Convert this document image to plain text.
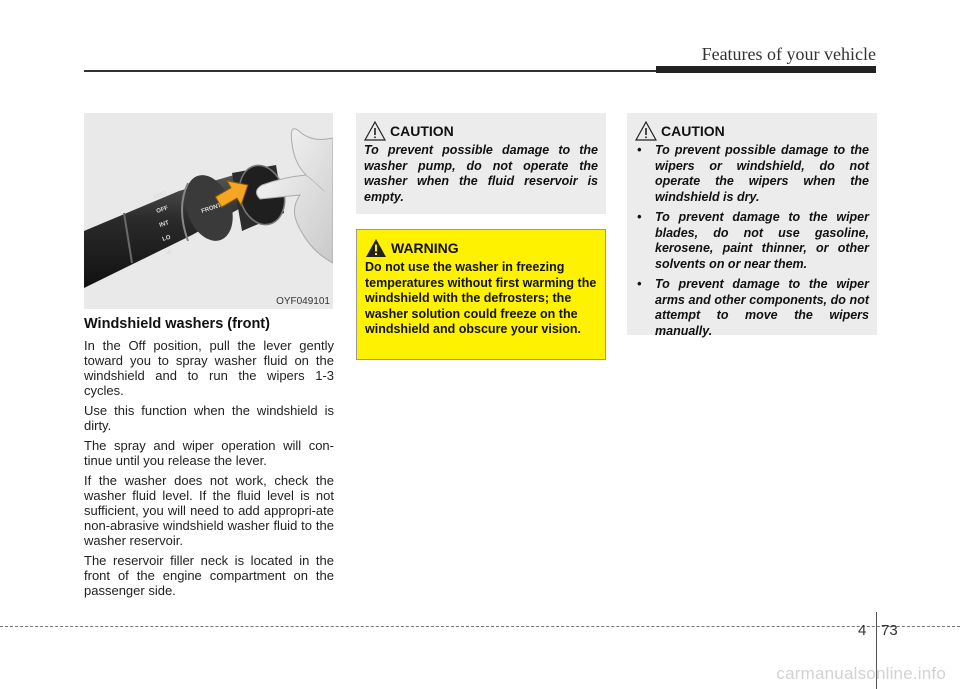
Features of your vehicle
MIST
OFF
INT
LO
HI
FRONT
OYF049101
Windshield washers (front)

In the Off position, pull the lever gently toward you to spray washer fluid on the windshield and to run the wipers 1-3 cycles.

Use this function when the windshield is dirty.

The spray and wiper operation will con-tinue until you release the lever.

If the washer does not work, check the washer fluid level. If the fluid level is not sufficient, you will need to add appropri-ate non-abrasive windshield washer fluid to the washer reservoir.

The reservoir filler neck is located in the front of the engine compartment on the passenger side.

CAUTION
To prevent possible damage to the washer pump, do not operate the washer when the fluid reservoir is empty.
WARNING
Do not use the washer in freezing temperatures without first warming the windshield with the defrosters; the washer solution could freeze on the windshield and obscure your vision.
CAUTION
• To prevent possible damage to the wipers or windshield, do not operate the wipers when the windshield is dry.
• To prevent damage to the wiper blades, do not use gasoline, kerosene, paint thinner, or other solvents on or near them.
• To prevent damage to the wiper arms and other components, do not attempt to move the wipers manually.
4 73
carmanualsonline.info
